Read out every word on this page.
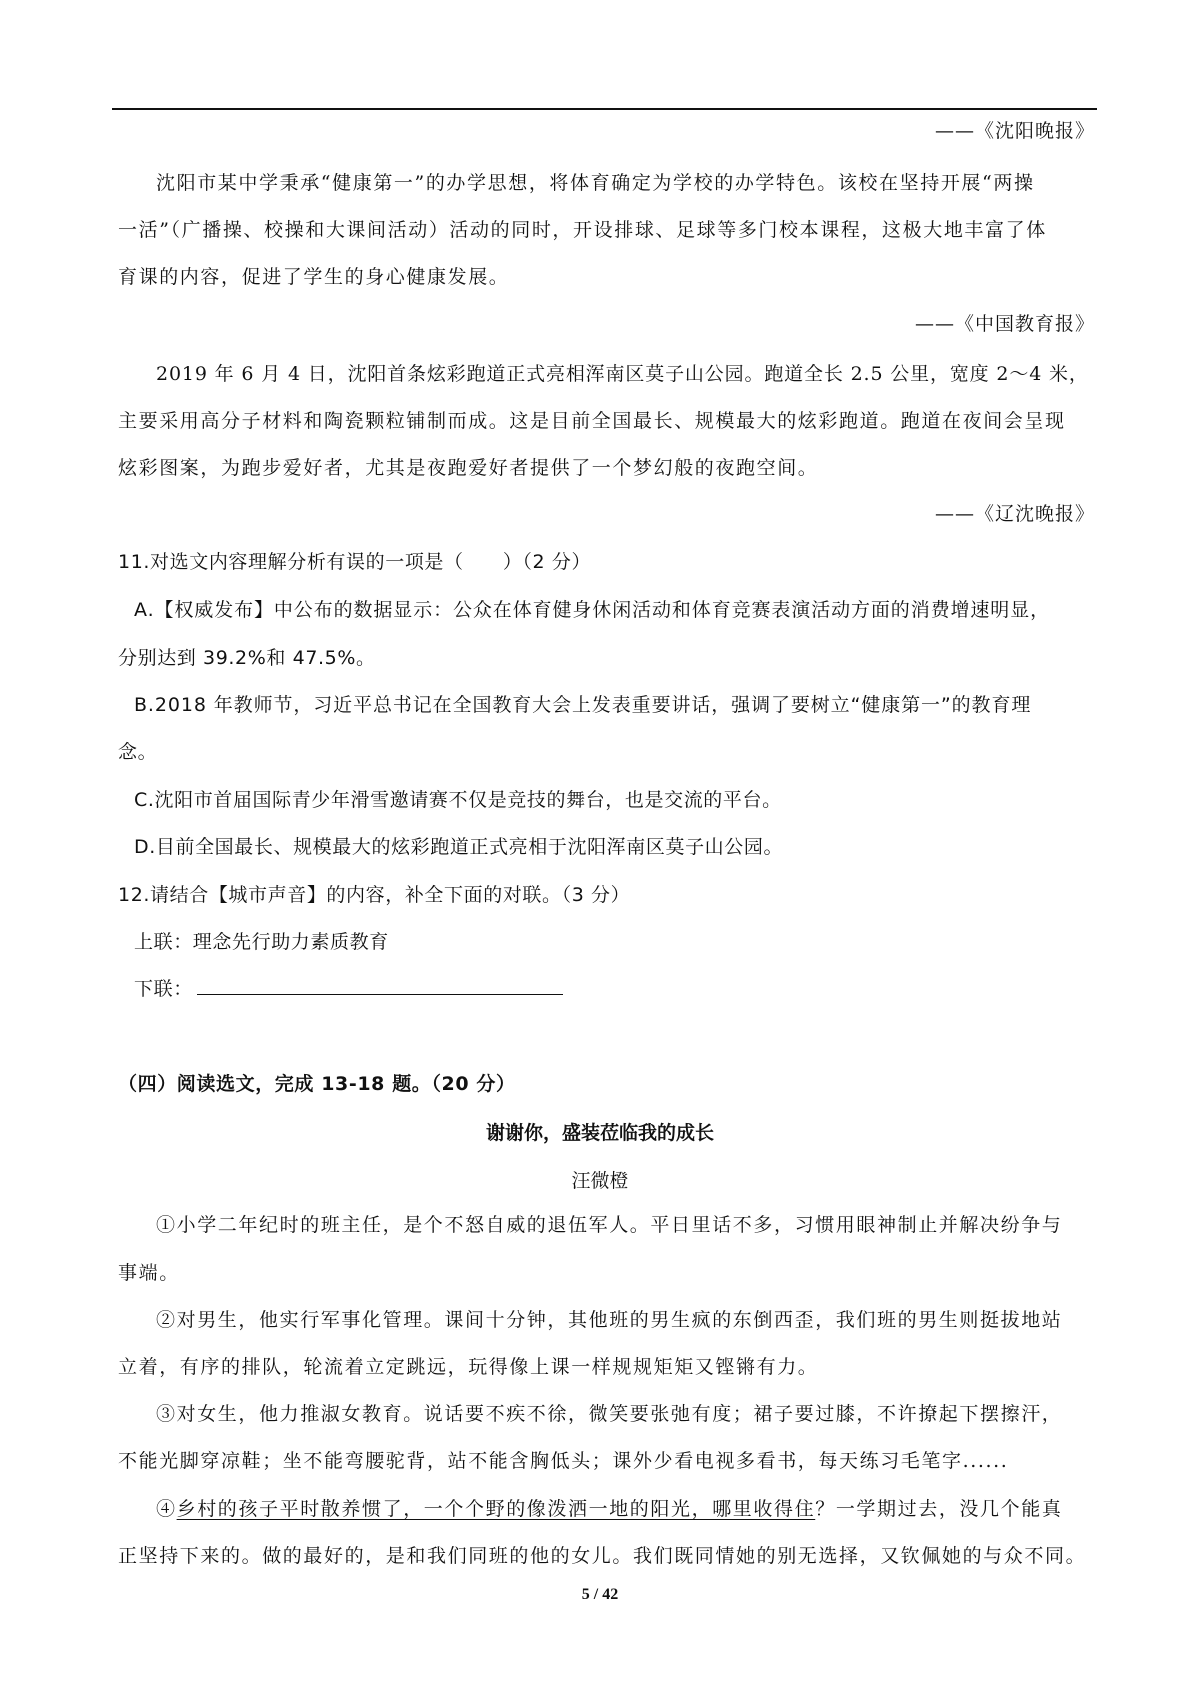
——《沈阳晚报》
沈阳市某中学秉承“健康第一”的办学思想，将体育确定为学校的办学特色。该校在坚持开展“两操
一活”（广播操、校操和大课间活动）活动的同时，开设排球、足球等多门校本课程，这极大地丰富了体
育课的内容，促进了学生的身心健康发展。
——《中国教育报》
2019 年 6 月 4 日，沈阳首条炫彩跑道正式亮相浑南区莫子山公园。跑道全长 2.5 公里，宽度 2～4 米，
主要采用高分子材料和陶瓷颗粒铺制而成。这是目前全国最长、规模最大的炫彩跑道。跑道在夜间会呈现
炫彩图案，为跑步爱好者，尤其是夜跑爱好者提供了一个梦幻般的夜跑空间。
——《辽沈晚报》
11.对选文内容理解分析有误的一项是（　　）（2 分）
A.【权威发布】中公布的数据显示：公众在体育健身休闲活动和体育竞赛表演活动方面的消费增速明显，
分别达到 39.2%和 47.5%。
B.2018 年教师节，习近平总书记在全国教育大会上发表重要讲话，强调了要树立“健康第一”的教育理
念。
C.沈阳市首届国际青少年滑雪邀请赛不仅是竞技的舞台，也是交流的平台。
D.目前全国最长、规模最大的炫彩跑道正式亮相于沈阳浑南区莫子山公园。
12.请结合【城市声音】的内容，补全下面的对联。（3 分）
上联：理念先行助力素质教育
下联：
（四）阅读选文，完成 13-18 题。（20 分）
谢谢你，盛装莅临我的成长
汪微橙
①小学二年纪时的班主任，是个不怒自威的退伍军人。平日里话不多，习惯用眼神制止并解决纷争与
事端。
②对男生，他实行军事化管理。课间十分钟，其他班的男生疯的东倒西歪，我们班的男生则挺拔地站
立着，有序的排队，轮流着立定跳远，玩得像上课一样规规矩矩又铿锵有力。
③对女生，他力推淑女教育。说话要不疾不徐，微笑要张弛有度；裙子要过膝，不许撩起下摆擦汗，
不能光脚穿凉鞋；坐不能弯腰驼背，站不能含胸低头；课外少看电视多看书，每天练习毛笔字......
④乡村的孩子平时散养惯了，一个个野的像泼洒一地的阳光，哪里收得住？一学期过去，没几个能真
正坚持下来的。做的最好的，是和我们同班的他的女儿。我们既同情她的别无选择，又钦佩她的与众不同。
5 / 42
